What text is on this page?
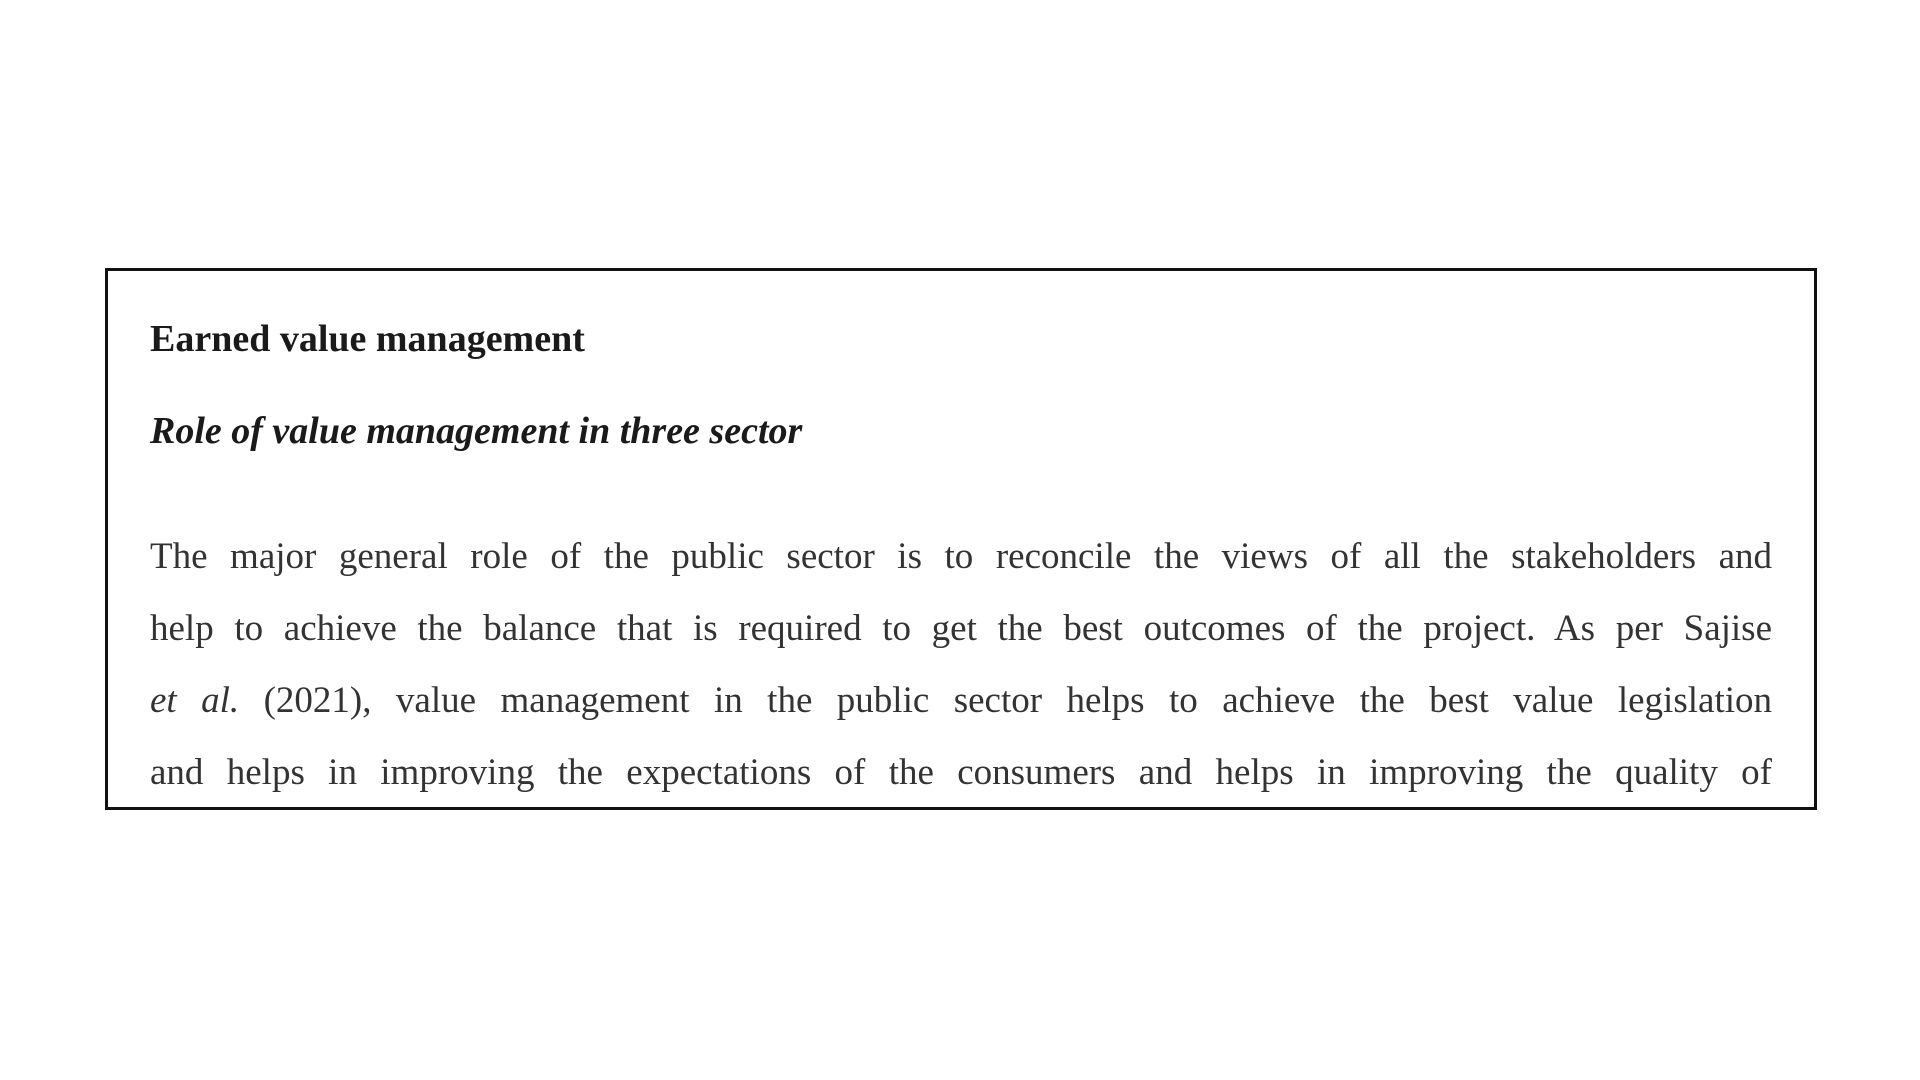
Earned value management
Role of value management in three sector
The major general role of the public sector is to reconcile the views of all the stakeholders and
help to achieve the balance that is required to get the best outcomes of the project. As per Sajise
et al. (2021), value management in the public sector helps to achieve the best value legislation
and helps in improving the expectations of the consumers and helps in improving the quality of
